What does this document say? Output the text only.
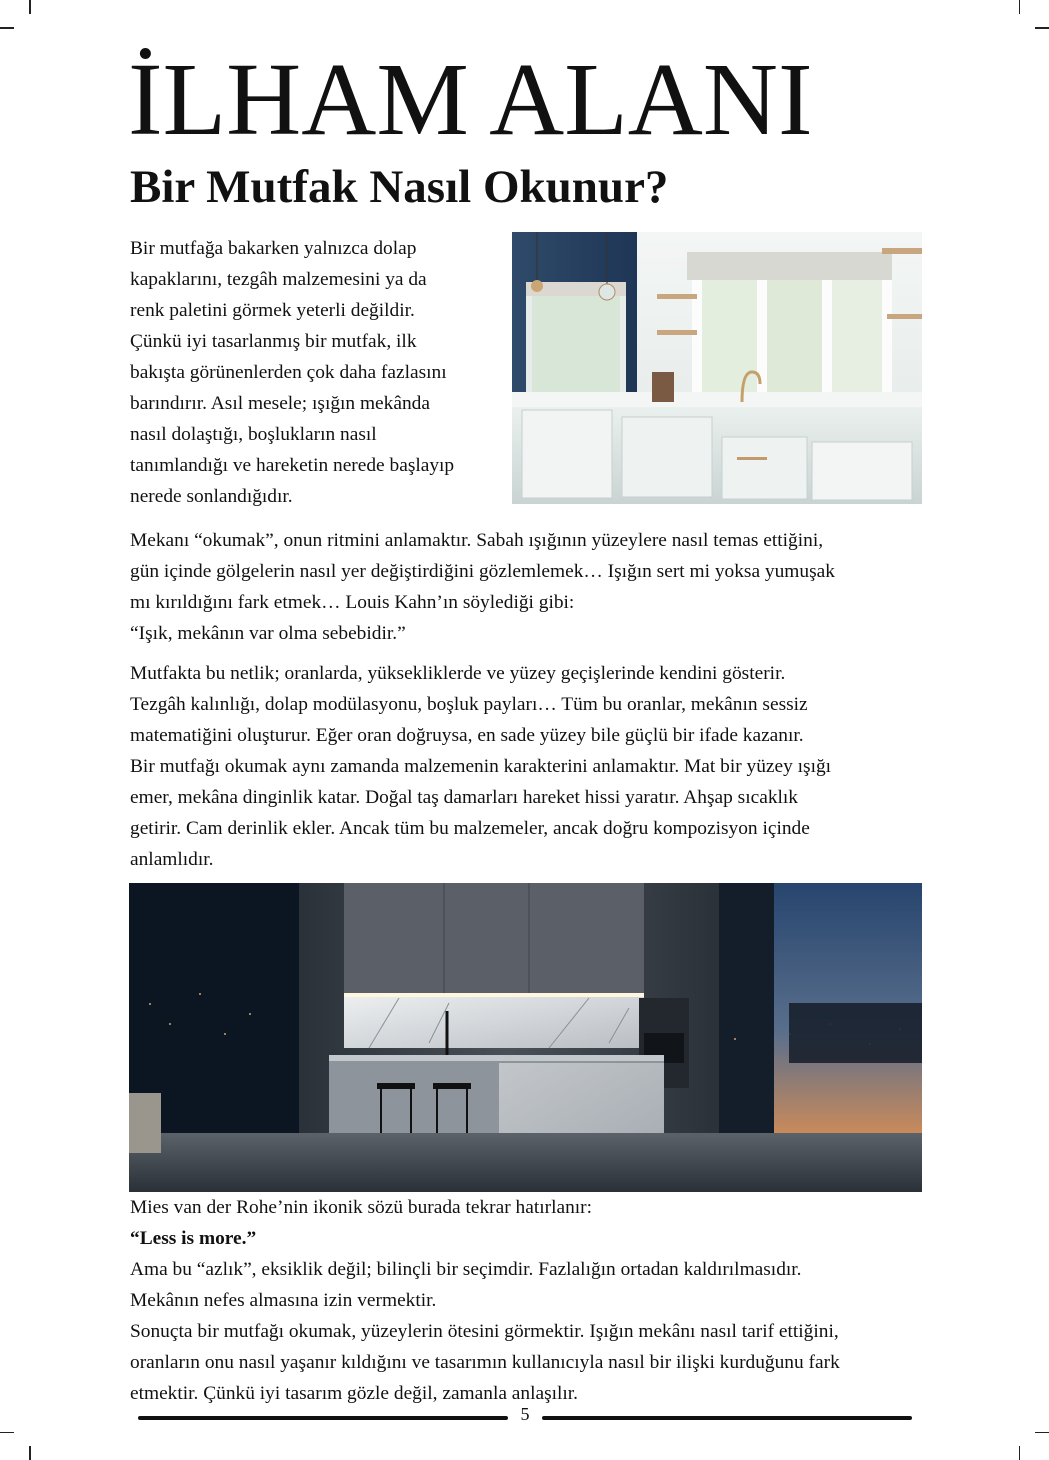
İLHAM ALANI
Bir Mutfak Nasıl Okunur?

Bir mutfağa bakarken yalnızca dolap
kapaklarını, tezgâh malzemesini ya da
renk paletini görmek yeterli değildir.
Çünkü iyi tasarlanmış bir mutfak, ilk
bakışta görünenlerden çok daha fazlasını
barındırır. Asıl mesele; ışığın mekânda
nasıl dolaştığı, boşlukların nasıl
tanımlandığı ve hareketin nerede başlayıp
nerede sonlandığıdır.

Mekanı “okumak”, onun ritmini anlamaktır. Sabah ışığının yüzeylere nasıl temas ettiğini,
gün içinde gölgelerin nasıl yer değiştirdiğini gözlemlemek… Işığın sert mi yoksa yumuşak
mı kırıldığını fark etmek… Louis Kahn’ın söylediği gibi:
“Işık, mekânın var olma sebebidir.”

Mutfakta bu netlik; oranlarda, yüksekliklerde ve yüzey geçişlerinde kendini gösterir.
Tezgâh kalınlığı, dolap modülasyonu, boşluk payları… Tüm bu oranlar, mekânın sessiz
matematiğini oluşturur. Eğer oran doğruysa, en sade yüzey bile güçlü bir ifade kazanır.
Bir mutfağı okumak aynı zamanda malzemenin karakterini anlamaktır. Mat bir yüzey ışığı
emer, mekâna dinginlik katar. Doğal taş damarları hareket hissi yaratır. Ahşap sıcaklık
getirir. Cam derinlik ekler. Ancak tüm bu malzemeler, ancak doğru kompozisyon içinde
anlamlıdır.

Mies van der Rohe’nin ikonik sözü burada tekrar hatırlanır:
“Less is more.”
Ama bu “azlık”, eksiklik değil; bilinçli bir seçimdir. Fazlalığın ortadan kaldırılmasıdır.
Mekânın nefes almasına izin vermektir.
Sonuçta bir mutfağı okumak, yüzeylerin ötesini görmektir. Işığın mekânı nasıl tarif ettiğini,
oranların onu nasıl yaşanır kıldığını ve tasarımın kullanıcıyla nasıl bir ilişki kurduğunu fark
etmektir. Çünkü iyi tasarım gözle değil, zamanla anlaşılır.
5
